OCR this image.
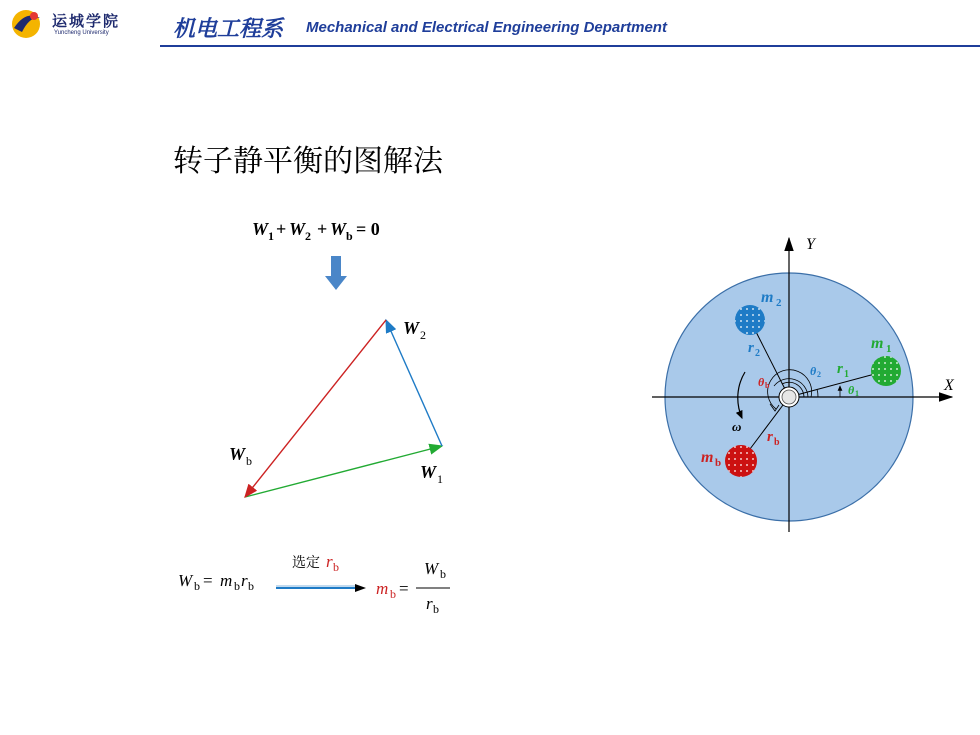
运城学院
Yuncheng University	机电工程系 Mechanical and Electrical Engineering Department
转子静平衡的图解法
W 1 + W 2 + W b = 0
W 2
W 1
W b
W b = m b r b
选定 r b
m b =
W b
r b
X
Y
m 1
m 2
m b
r 1
r 2
r b
θ 1
θ 2
θ b
ω
